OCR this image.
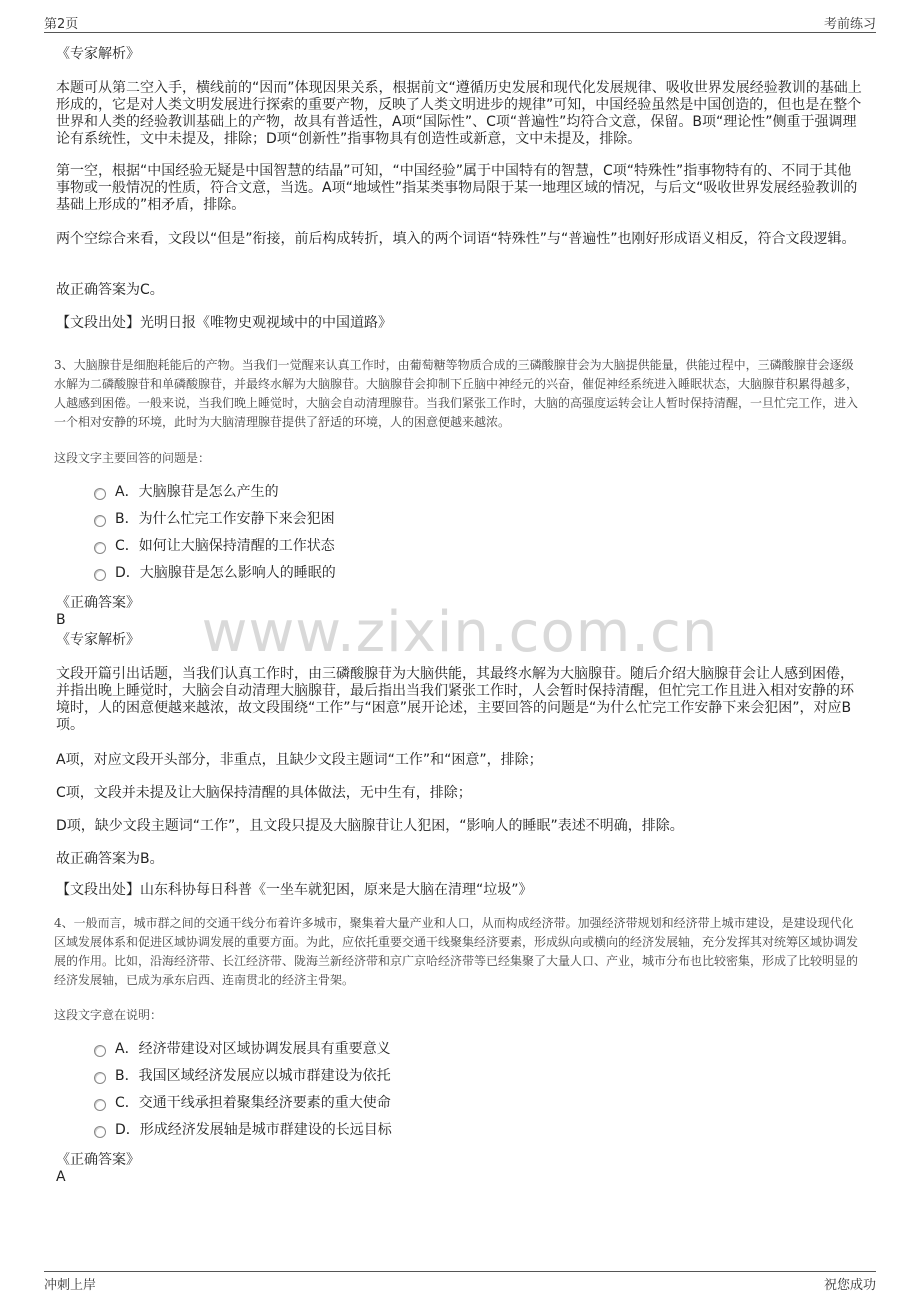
第2页	考前练习

《专家解析》

本题可从第二空入手，横线前的“因而”体现因果关系，根据前文“遵循历史发展和现代化发展规律、吸收世界发展经验教训的基础上形成的，它是对人类文明发展进行探索的重要产物，反映了人类文明进步的规律”可知，中国经验虽然是中国创造的，但也是在整个世界和人类的经验教训基础上的产物，故具有普适性，A项“国际性”、C项“普遍性”均符合文意，保留。B项“理论性”侧重于强调理论有系统性，文中未提及，排除；D项“创新性”指事物具有创造性或新意，文中未提及，排除。

第一空，根据“中国经验无疑是中国智慧的结晶”可知，“中国经验”属于中国特有的智慧，C项“特殊性”指事物特有的、不同于其他事物或一般情况的性质，符合文意，当选。A项“地域性”指某类事物局限于某一地理区域的情况，与后文“吸收世界发展经验教训的基础上形成的”相矛盾，排除。

两个空综合来看，文段以“但是”衔接，前后构成转折，填入的两个词语“特殊性”与“普遍性”也刚好形成语义相反，符合文段逻辑。

故正确答案为C。

【文段出处】光明日报《唯物史观视域中的中国道路》

3、大脑腺苷是细胞耗能后的产物。当我们一觉醒来认真工作时，由葡萄糖等物质合成的三磷酸腺苷会为大脑提供能量，供能过程中，三磷酸腺苷会逐级水解为二磷酸腺苷和单磷酸腺苷，并最终水解为大脑腺苷。大脑腺苷会抑制下丘脑中神经元的兴奋，催促神经系统进入睡眠状态，大脑腺苷积累得越多，人越感到困倦。一般来说，当我们晚上睡觉时，大脑会自动清理腺苷。当我们紧张工作时，大脑的高强度运转会让人暂时保持清醒，一旦忙完工作，进入一个相对安静的环境，此时为大脑清理腺苷提供了舒适的环境，人的困意便越来越浓。

这段文字主要回答的问题是：

A．大脑腺苷是怎么产生的
B．为什么忙完工作安静下来会犯困
C．如何让大脑保持清醒的工作状态
D．大脑腺苷是怎么影响人的睡眠的

《正确答案》

B

《专家解析》

文段开篇引出话题，当我们认真工作时，由三磷酸腺苷为大脑供能，其最终水解为大脑腺苷。随后介绍大脑腺苷会让人感到困倦，并指出晚上睡觉时，大脑会自动清理大脑腺苷，最后指出当我们紧张工作时，人会暂时保持清醒，但忙完工作且进入相对安静的环境时，人的困意便越来越浓，故文段围绕“工作”与“困意”展开论述，主要回答的问题是“为什么忙完工作安静下来会犯困”，对应B项。

A项，对应文段开头部分，非重点，且缺少文段主题词“工作”和“困意”，排除；

C项，文段并未提及让大脑保持清醒的具体做法，无中生有，排除；

D项，缺少文段主题词“工作”，且文段只提及大脑腺苷让人犯困，“影响人的睡眠”表述不明确，排除。

故正确答案为B。

【文段出处】山东科协每日科普《一坐车就犯困，原来是大脑在清理“垃圾”》

4、一般而言，城市群之间的交通干线分布着许多城市，聚集着大量产业和人口，从而构成经济带。加强经济带规划和经济带上城市建设，是建设现代化区域发展体系和促进区域协调发展的重要方面。为此，应依托重要交通干线聚集经济要素，形成纵向或横向的经济发展轴，充分发挥其对统筹区域协调发展的作用。比如，沿海经济带、长江经济带、陇海兰新经济带和京广京哈经济带等已经集聚了大量人口、产业，城市分布也比较密集，形成了比较明显的经济发展轴，已成为承东启西、连南贯北的经济主骨架。

这段文字意在说明：

A．经济带建设对区域协调发展具有重要意义
B．我国区域经济发展应以城市群建设为依托
C．交通干线承担着聚集经济要素的重大使命
D．形成经济发展轴是城市群建设的长远目标

《正确答案》

A

www.zixin.com.cn
冲刺上岸	祝您成功
